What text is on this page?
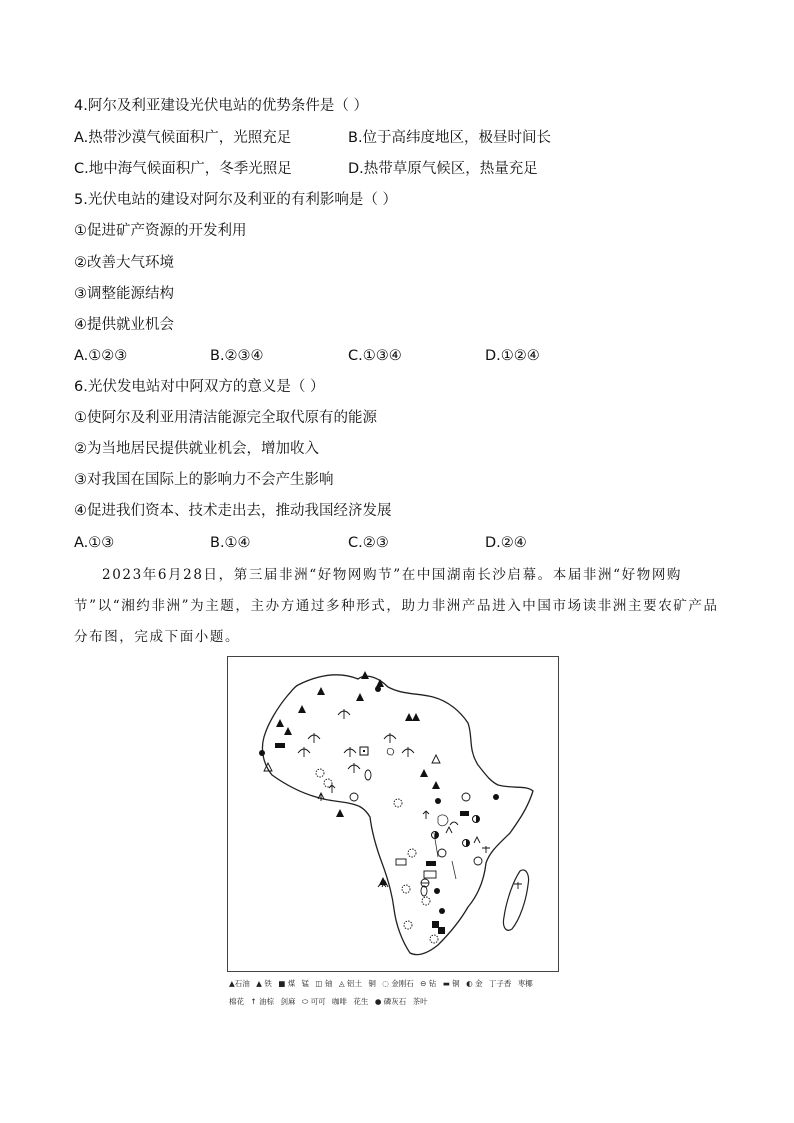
4.阿尔及利亚建设光伏电站的优势条件是（ ）
A.热带沙漠气候面积广，光照充足	B.位于高纬度地区，极昼时间长
C.地中海气候面积广，冬季光照足	D.热带草原气候区，热量充足
5.光伏电站的建设对阿尔及利亚的有利影响是（ ）
①促进矿产资源的开发利用
②改善大气环境
③调整能源结构
④提供就业机会
A.①②③	B.②③④	C.①③④	D.①②④
6.光伏发电站对中阿双方的意义是（ ）
①使阿尔及利亚用清洁能源完全取代原有的能源
②为当地居民提供就业机会，增加收入
③对我国在国际上的影响力不会产生影响
④促进我们资本、技术走出去，推动我国经济发展
A.①③	B.①④	C.②③	D.②④
2023年6月28日，第三届非洲“好物网购节”在中国湖南长沙启幕。本届非洲“好物网购节”以“湘约非洲”为主题，主办方通过多种形式，助力非洲产品进入中国市场读非洲主要农矿产品分布图，完成下面小题。
▲石油 ▲ 铁 ■ 煤 锰 ◫ 铀 ◬ 铝土 铜 ◌ 金刚石 ⊖ 钻 ▬ 铜 ◐ 金 丁子香 枣椰
棉花 ↑ 油棕 剑麻 ⬭ 可可 咖啡 花生 ● 磷灰石 茶叶
